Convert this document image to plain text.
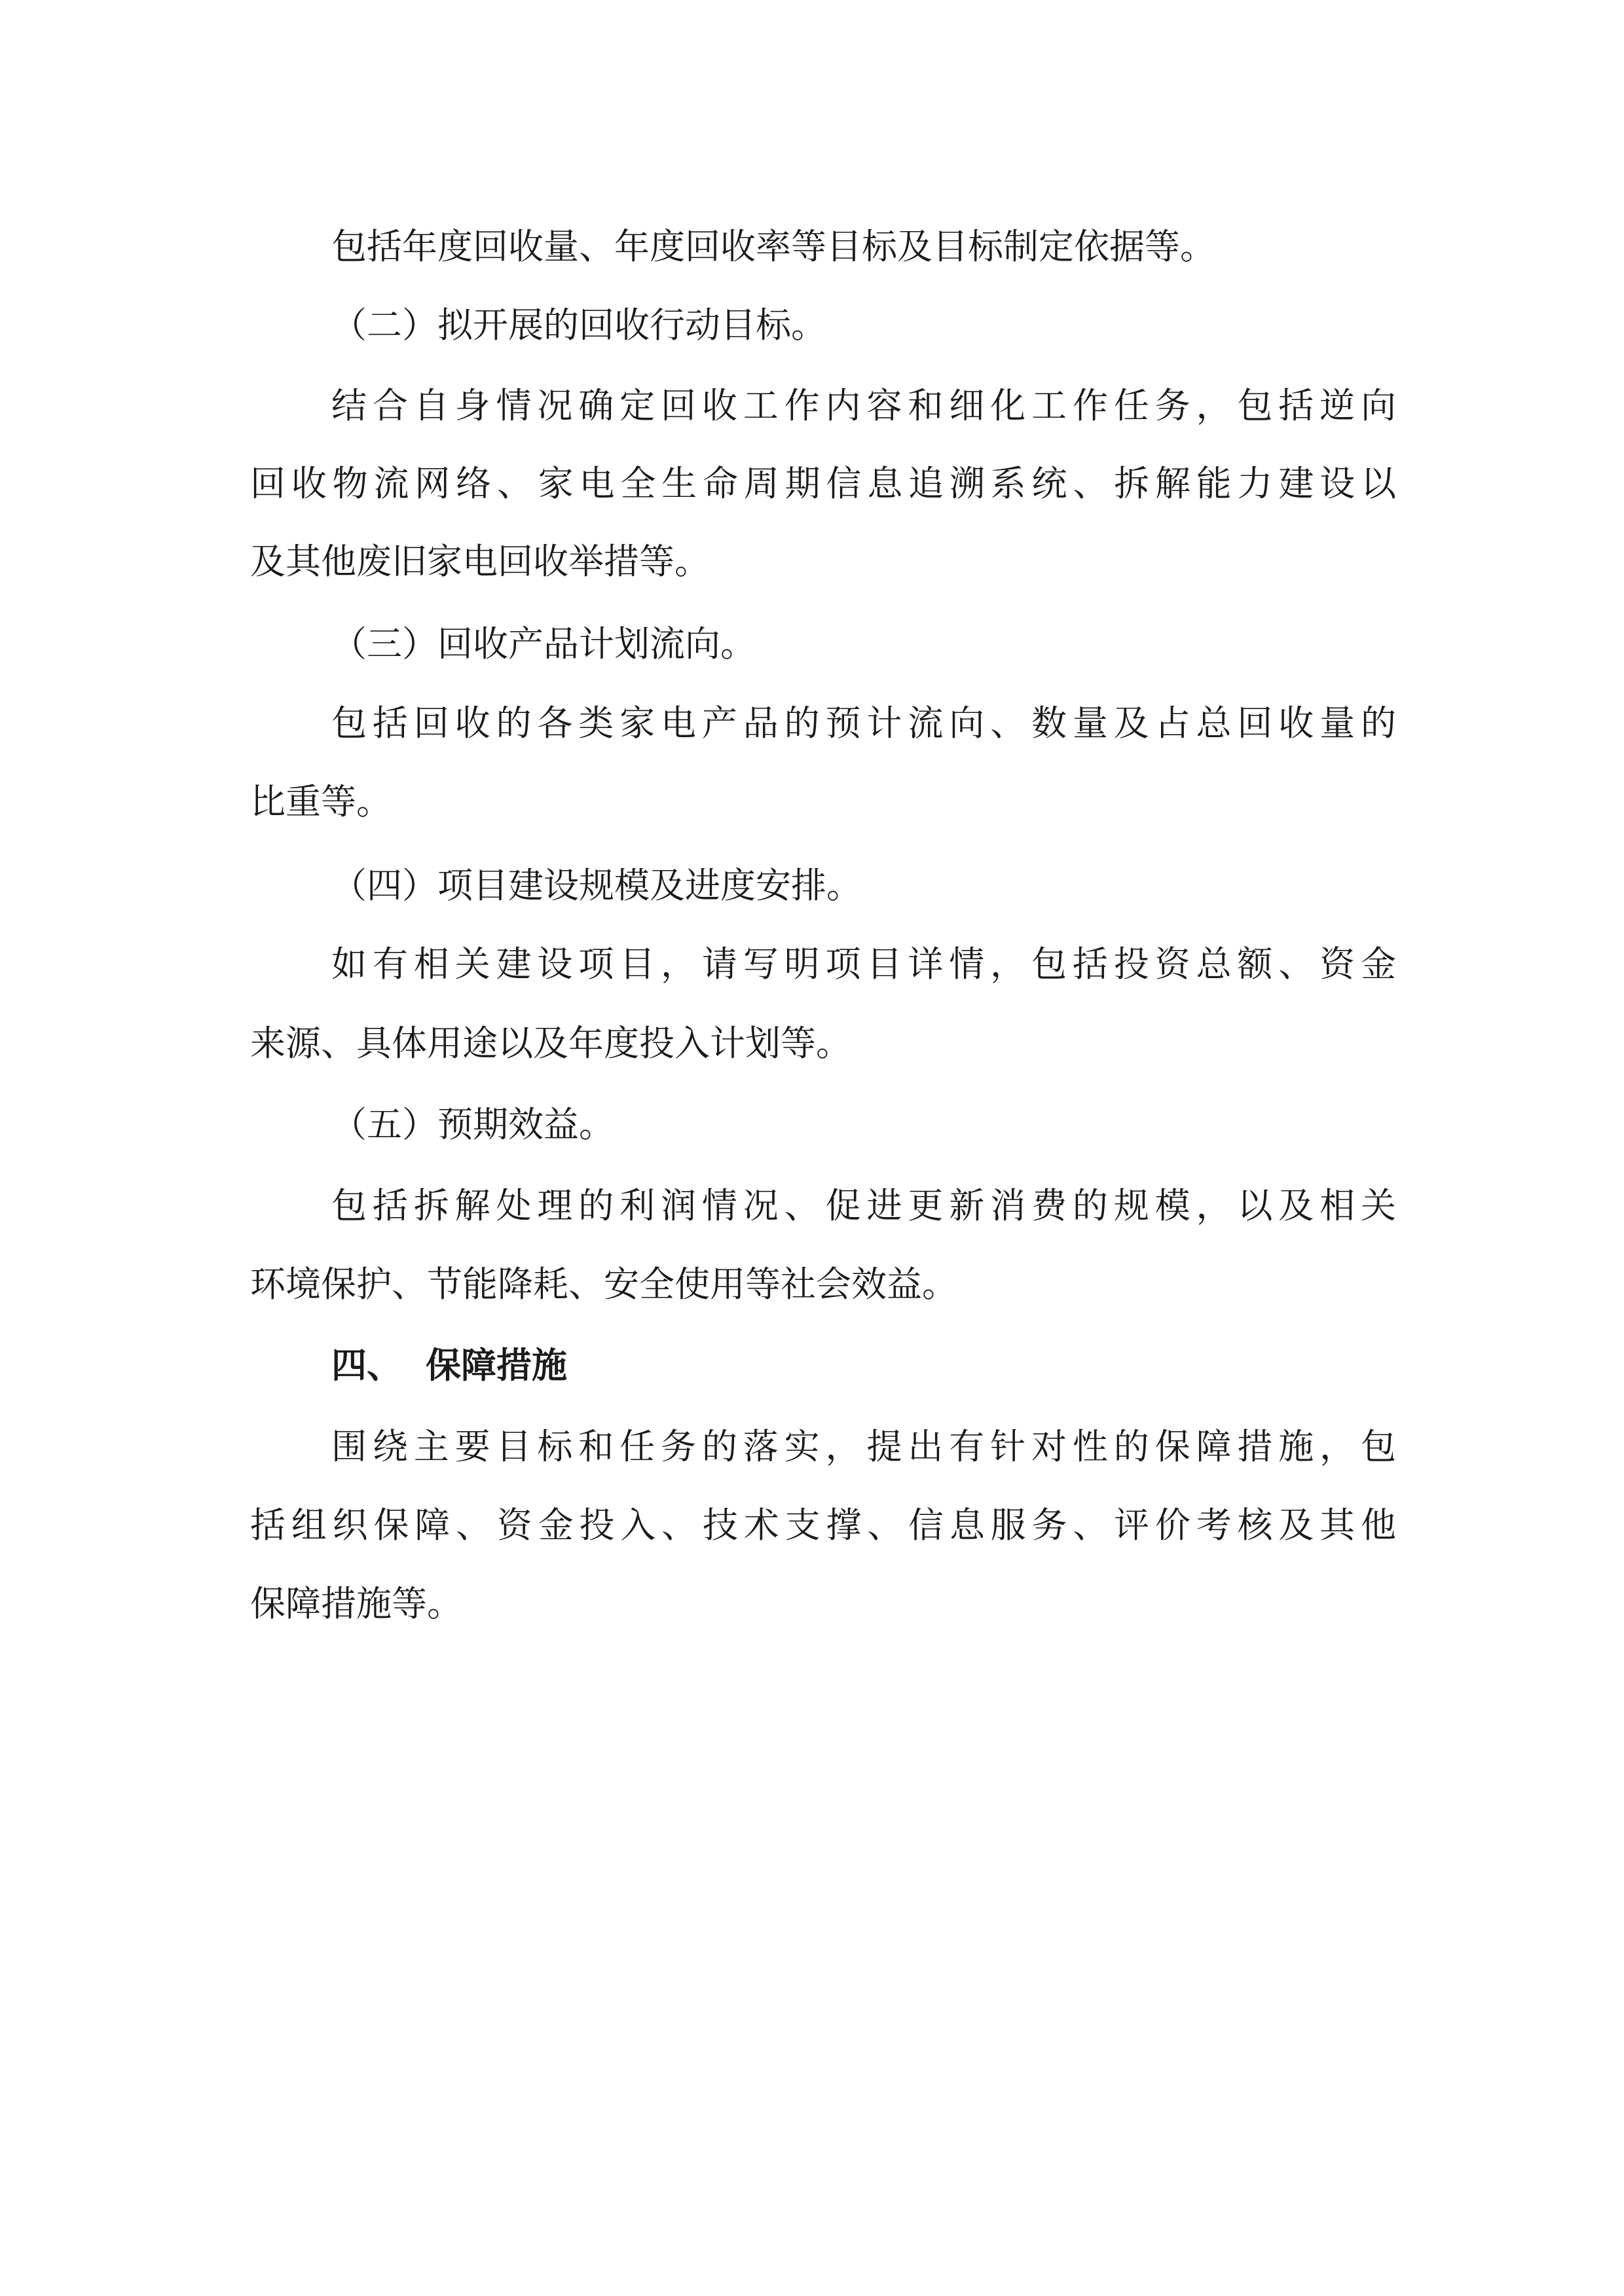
包括年度回收量、年度回收率等目标及目标制定依据等。
（二）拟开展的回收行动目标。
结合自身情况确定回收工作内容和细化工作任务，包括逆向
回收物流网络、家电全生命周期信息追溯系统、拆解能力建设以
及其他废旧家电回收举措等。
（三）回收产品计划流向。
包括回收的各类家电产品的预计流向、数量及占总回收量的
比重等。
（四）项目建设规模及进度安排。
如有相关建设项目，请写明项目详情，包括投资总额、资金
来源、具体用途以及年度投入计划等。
（五）预期效益。
包括拆解处理的利润情况、促进更新消费的规模，以及相关
环境保护、节能降耗、安全使用等社会效益。
四、 保障措施
围绕主要目标和任务的落实，提出有针对性的保障措施，包
括组织保障、资金投入、技术支撑、信息服务、评价考核及其他
保障措施等。
